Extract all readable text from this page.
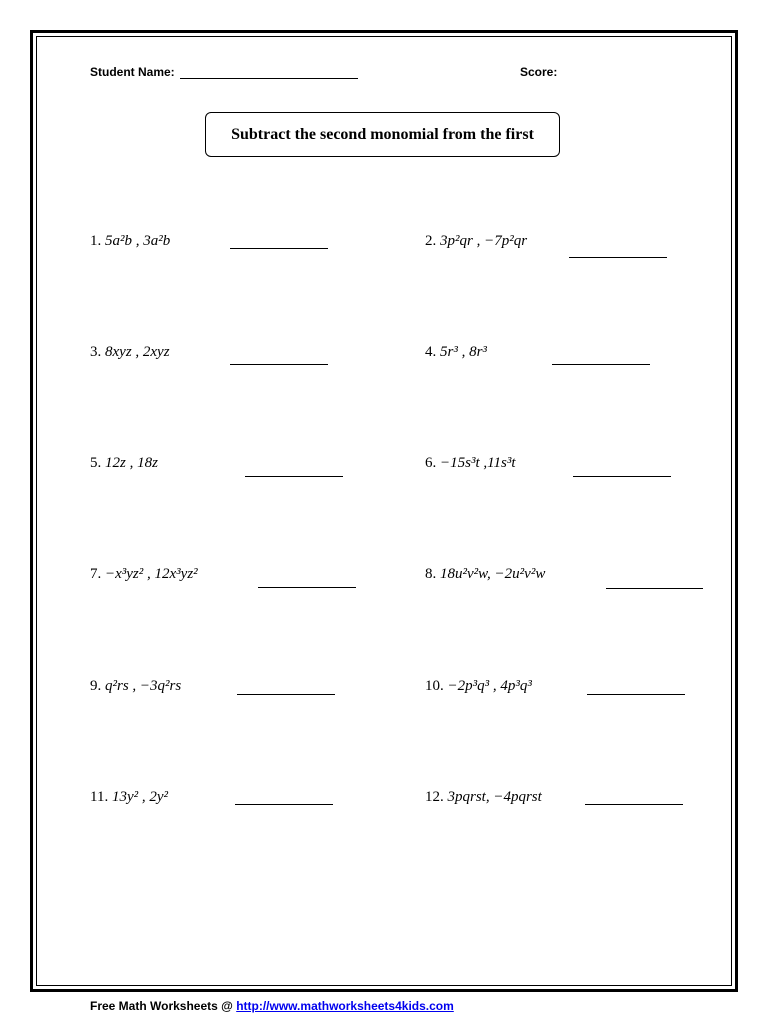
Student Name:	Score:
Subtract the second monomial from the first
1. 5a²b , 3a²b
3. 8xyz , 2xyz
5. 12z , 18z
7. −x³yz² , 12x³yz²
9. q²rs , −3q²rs
11. 13y² , 2y²
2. 3p²qr , −7p²qr
4. 5r³ , 8r³
6. −15s³t ,11s³t
8. 18u²v²w, −2u²v²w
10. −2p³q³ , 4p³q³
12. 3pqrst, −4pqrst
Free Math Worksheets @ http://www.mathworksheets4kids.com
